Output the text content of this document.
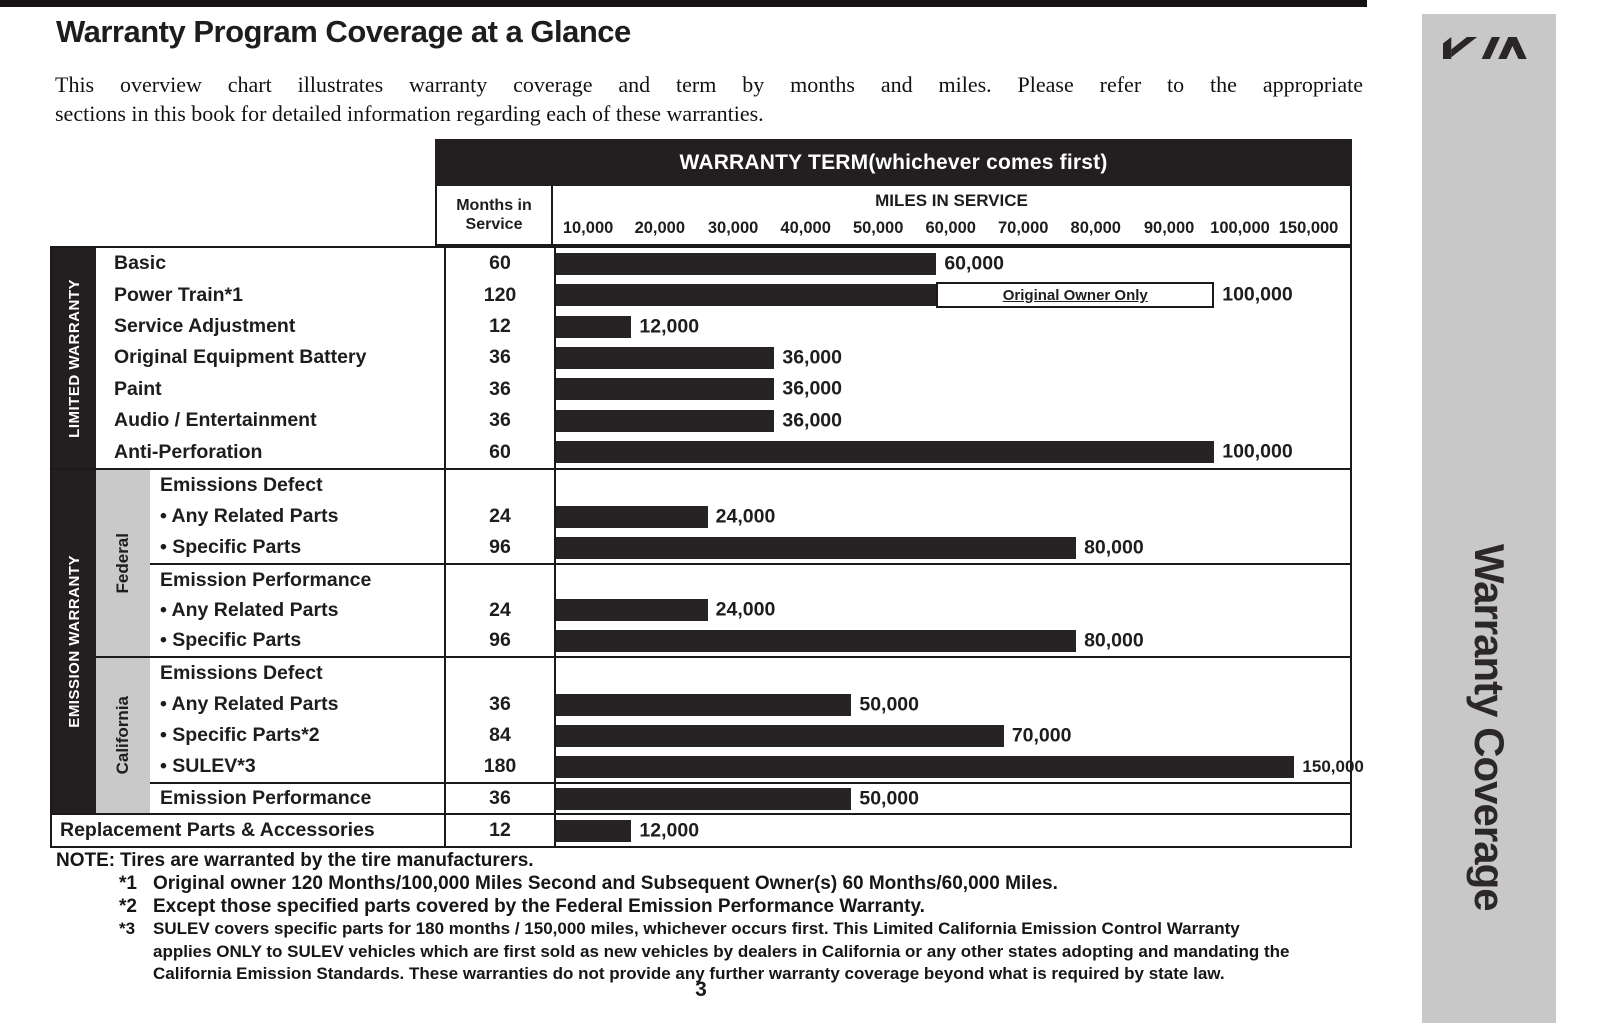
Warranty Program Coverage at a Glance
This overview chart illustrates warranty coverage and term by months and miles. Please refer to the appropriate
sections in this book for detailed information regarding each of these warranties.
WARRANTY TERM(whichever comes first)
Months in
Service
MILES IN SERVICE
10,000 20,000 30,000 40,000 50,000 60,000 70,000 80,000 90,000 100,000 150,000
LIMITED WARRANTY
Basic	60	60,000
Power Train*1	120	Original Owner Only	100,000
Service Adjustment	12	12,000
Original Equipment Battery	36	36,000
Paint	36	36,000
Audio / Entertainment	36	36,000
Anti-Perforation	60	100,000
EMISSION WARRANTY Federal
Emissions Defect
• Any Related Parts	24	24,000
• Specific Parts	96	80,000
Emission Performance
• Any Related Parts	24	24,000
• Specific Parts	96	80,000
California
Emissions Defect
• Any Related Parts	36	50,000
• Specific Parts*2	84	70,000
• SULEV*3	180	150,000
Emission Performance	36	50,000
Replacement Parts & Accessories	12	12,000
NOTE: Tires are warranted by the tire manufacturers.
*1 Original owner 120 Months/100,000 Miles Second and Subsequent Owner(s) 60 Months/60,000 Miles.
*2 Except those specified parts covered by the Federal Emission Performance Warranty.
*3 SULEV covers specific parts for 180 months / 150,000 miles, whichever occurs first. This Limited California Emission Control Warranty applies ONLY to SULEV vehicles which are first sold as new vehicles by dealers in California or any other states adopting and mandating the California Emission Standards. These warranties do not provide any further warranty coverage beyond what is required by state law.
3
Warranty Coverage
